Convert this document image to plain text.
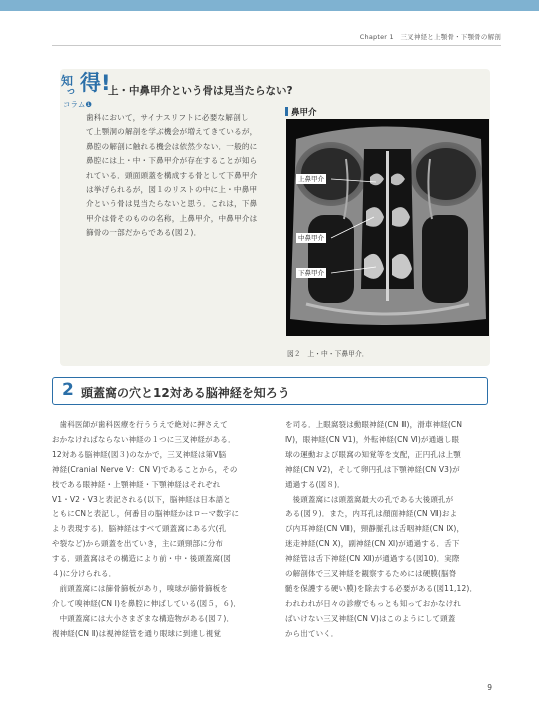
Chapter 1　三叉神経と上顎骨・下顎骨の解剖
知
っ 得!
コラム❶
上・中鼻甲介という骨は見当たらない?
歯科において，サイナスリフトに必要な解剖し
て上顎洞の解剖を学ぶ機会が増えてきているが，
鼻腔の解剖に触れる機会は依然少ない．一般的に
鼻腔には上・中・下鼻甲介が存在することが知ら
れている．頭面頭蓋を構成する骨として下鼻甲介
は挙げられるが，図１のリストの中に上・中鼻甲
介という骨は見当たらないと思う．これは，下鼻
甲介は骨そのものの名称，上鼻甲介，中鼻甲介は
篩骨の一部だからである(図２)．
鼻甲介
上鼻甲介
中鼻甲介
下鼻甲介
図２　上・中・下鼻甲介．
2 頭蓋窩の穴と12対ある脳神経を知ろう
　歯科医師が歯科医療を行ううえで絶対に押さえて
おかなければならない神経の１つに三叉神経がある．
12対ある脳神経(図３)のなかで，三叉神経は第Ⅴ脳
神経(Cranial Nerve Ⅴ：CN Ⅴ)であることから，その
枝である眼神経・上顎神経・下顎神経はそれぞれ
Ⅴ1・Ⅴ2・Ⅴ3と表記される(以下，脳神経は日本語と
ともにCNと表記し，何番目の脳神経かはローマ数字に
より表現する)．脳神経はすべて頭蓋窩にある穴(孔
や裂など)から頭蓋を出ていき，主に頭頸部に分布
する．頭蓋窩はその構造により前・中・後頭蓋窩(図
４)に分けられる．
　前頭蓋窩には篩骨篩板があり，嗅球が篩骨篩板を
介して嗅神経(CN Ⅰ)を鼻腔に伸ばしている(図５，６)．
　中頭蓋窩には大小さまざまな構造物がある(図７)．
視神経(CN Ⅱ)は視神経管を通り眼球に到達し視覚
を司る．上眼窩裂は動眼神経(CN Ⅲ)，滑車神経(CN
Ⅳ)，眼神経(CN Ⅴ1)，外転神経(CN Ⅵ)が通過し眼
球の運動および眼窩の知覚等を支配，正円孔は上顎
神経(CN Ⅴ2)，そして卵円孔は下顎神経(CN Ⅴ3)が
通過する(図８)．
　後頭蓋窩には頭蓋窩最大の孔である大後頭孔が
ある(図９)．また，内耳孔は顔面神経(CN Ⅶ)およ
び内耳神経(CN Ⅷ)，頸静脈孔は舌咽神経(CN Ⅸ)，
迷走神経(CN Ⅹ)，副神経(CN Ⅺ)が通過する．舌下
神経管は舌下神経(CN Ⅻ)が通過する(図10)．実際
の解剖体で三叉神経を観察するためには硬膜(脳脊
髄を保護する硬い膜)を除去する必要がある(図11,12)．
われわれが日々の診療でもっとも知っておかなけれ
ばいけない三叉神経(CN Ⅴ)はこのようにして頭蓋
から出ていく．
9
